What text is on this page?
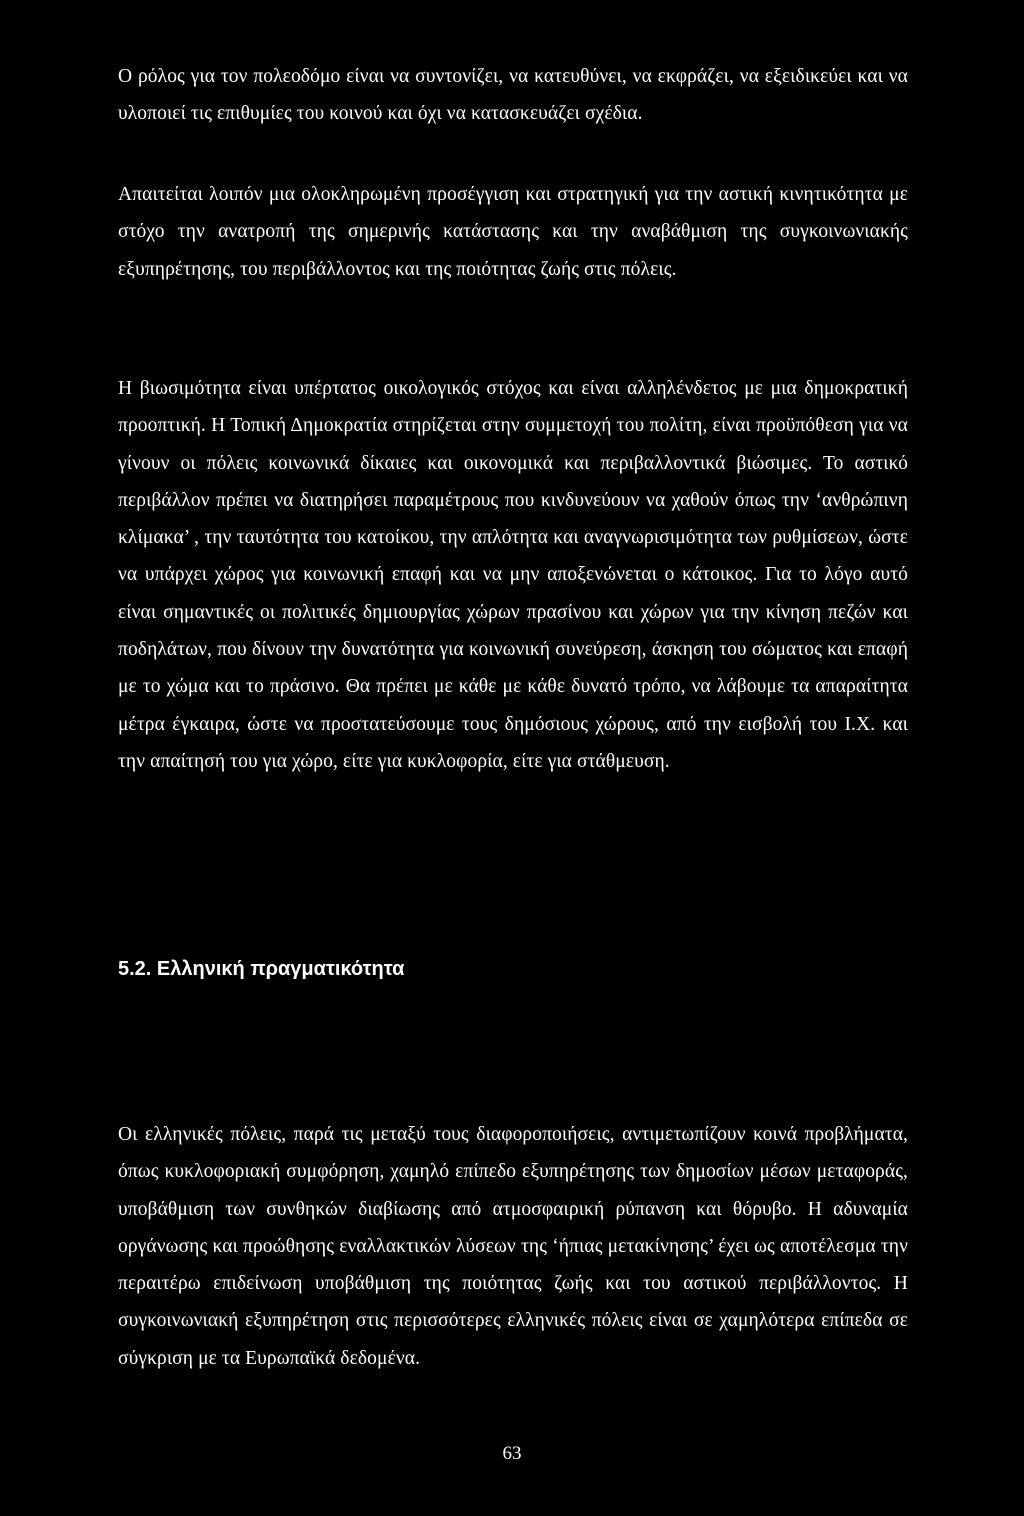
Ο ρόλος για τον πολεοδόμο είναι να συντονίζει, να κατευθύνει, να εκφράζει, να εξειδικεύει και να υλοποιεί τις επιθυμίες του κοινού και όχι να κατασκευάζει σχέδια.

Απαιτείται λοιπόν μια ολοκληρωμένη προσέγγιση και στρατηγική για την αστική κινητικότητα με στόχο την ανατροπή της σημερινής κατάστασης και την αναβάθμιση της συγκοινωνιακής εξυπηρέτησης, του περιβάλλοντος και της ποιότητας ζωής στις πόλεις.

Η βιωσιμότητα είναι υπέρτατος οικολογικός στόχος και είναι αλληλένδετος με μια δημοκρατική προοπτική. Η Τοπική Δημοκρατία στηρίζεται στην συμμετοχή του πολίτη, είναι προϋπόθεση για να γίνουν οι πόλεις κοινωνικά δίκαιες και οικονομικά και περιβαλλοντικά βιώσιμες. Το αστικό περιβάλλον πρέπει να διατηρήσει παραμέτρους που κινδυνεύουν να χαθούν όπως την ‘ανθρώπινη κλίμακα’ , την ταυτότητα του κατοίκου, την απλότητα και αναγνωρισιμότητα των ρυθμίσεων, ώστε να υπάρχει χώρος για κοινωνική επαφή και να μην αποξενώνεται ο κάτοικος. Για το λόγο αυτό είναι σημαντικές οι πολιτικές δημιουργίας χώρων πρασίνου και χώρων για την κίνηση πεζών και ποδηλάτων, που δίνουν την δυνατότητα για κοινωνική συνεύρεση, άσκηση του σώματος και επαφή με το χώμα και το πράσινο. Θα πρέπει με κάθε με κάθε δυνατό τρόπο, να λάβουμε τα απαραίτητα μέτρα έγκαιρα, ώστε να προστατεύσουμε τους δημόσιους χώρους, από την εισβολή του Ι.Χ. και την απαίτησή του για χώρο, είτε για κυκλοφορία, είτε για στάθμευση.

5.2. Ελληνική πραγματικότητα

Οι ελληνικές πόλεις, παρά τις μεταξύ τους διαφοροποιήσεις, αντιμετωπίζουν κοινά προβλήματα, όπως κυκλοφοριακή συμφόρηση, χαμηλό επίπεδο εξυπηρέτησης των δημοσίων μέσων μεταφοράς, υποβάθμιση των συνθηκών διαβίωσης από ατμοσφαιρική ρύπανση και θόρυβο. Η αδυναμία οργάνωσης και προώθησης εναλλακτικών λύσεων της ‘ήπιας μετακίνησης’ έχει ως αποτέλεσμα την περαιτέρω επιδείνωση υποβάθμιση της ποιότητας ζωής και του αστικού περιβάλλοντος. Η συγκοινωνιακή εξυπηρέτηση στις περισσότερες ελληνικές πόλεις είναι σε χαμηλότερα επίπεδα σε σύγκριση με τα Ευρωπαϊκά δεδομένα.

63
